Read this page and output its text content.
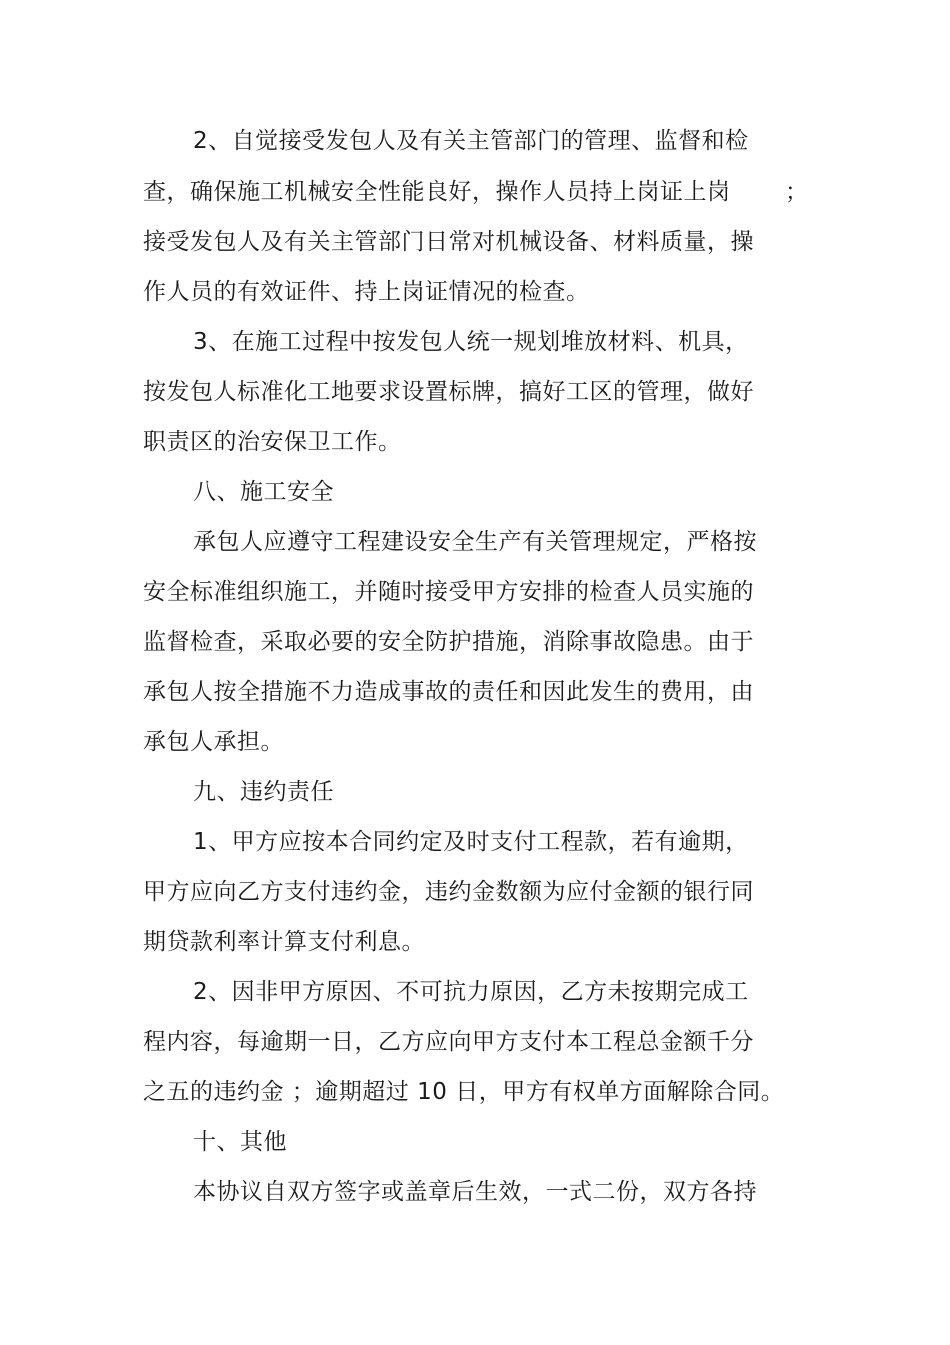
2、自觉接受发包人及有关主管部门的管理、监督和检
查，确保施工机械安全性能良好，操作人员持上岗证上岗 ；
接受发包人及有关主管部门日常对机械设备、材料质量，操
作人员的有效证件、持上岗证情况的检查。
3、在施工过程中按发包人统一规划堆放材料、机具，
按发包人标准化工地要求设置标牌，搞好工区的管理，做好
职责区的治安保卫工作。
八、施工安全
承包人应遵守工程建设安全生产有关管理规定，严格按
安全标准组织施工，并随时接受甲方安排的检查人员实施的
监督检查，采取必要的安全防护措施，消除事故隐患。由于
承包人按全措施不力造成事故的责任和因此发生的费用，由
承包人承担。
九、违约责任
1、甲方应按本合同约定及时支付工程款，若有逾期，
甲方应向乙方支付违约金，违约金数额为应付金额的银行同
期贷款利率计算支付利息。
2、因非甲方原因、不可抗力原因，乙方未按期完成工
程内容，每逾期一日，乙方应向甲方支付本工程总金额千分
之五的违约金 ；逾期超过 10 日，甲方有权单方面解除合同。
十、其他
本协议自双方签字或盖章后生效，一式二份，双方各持
